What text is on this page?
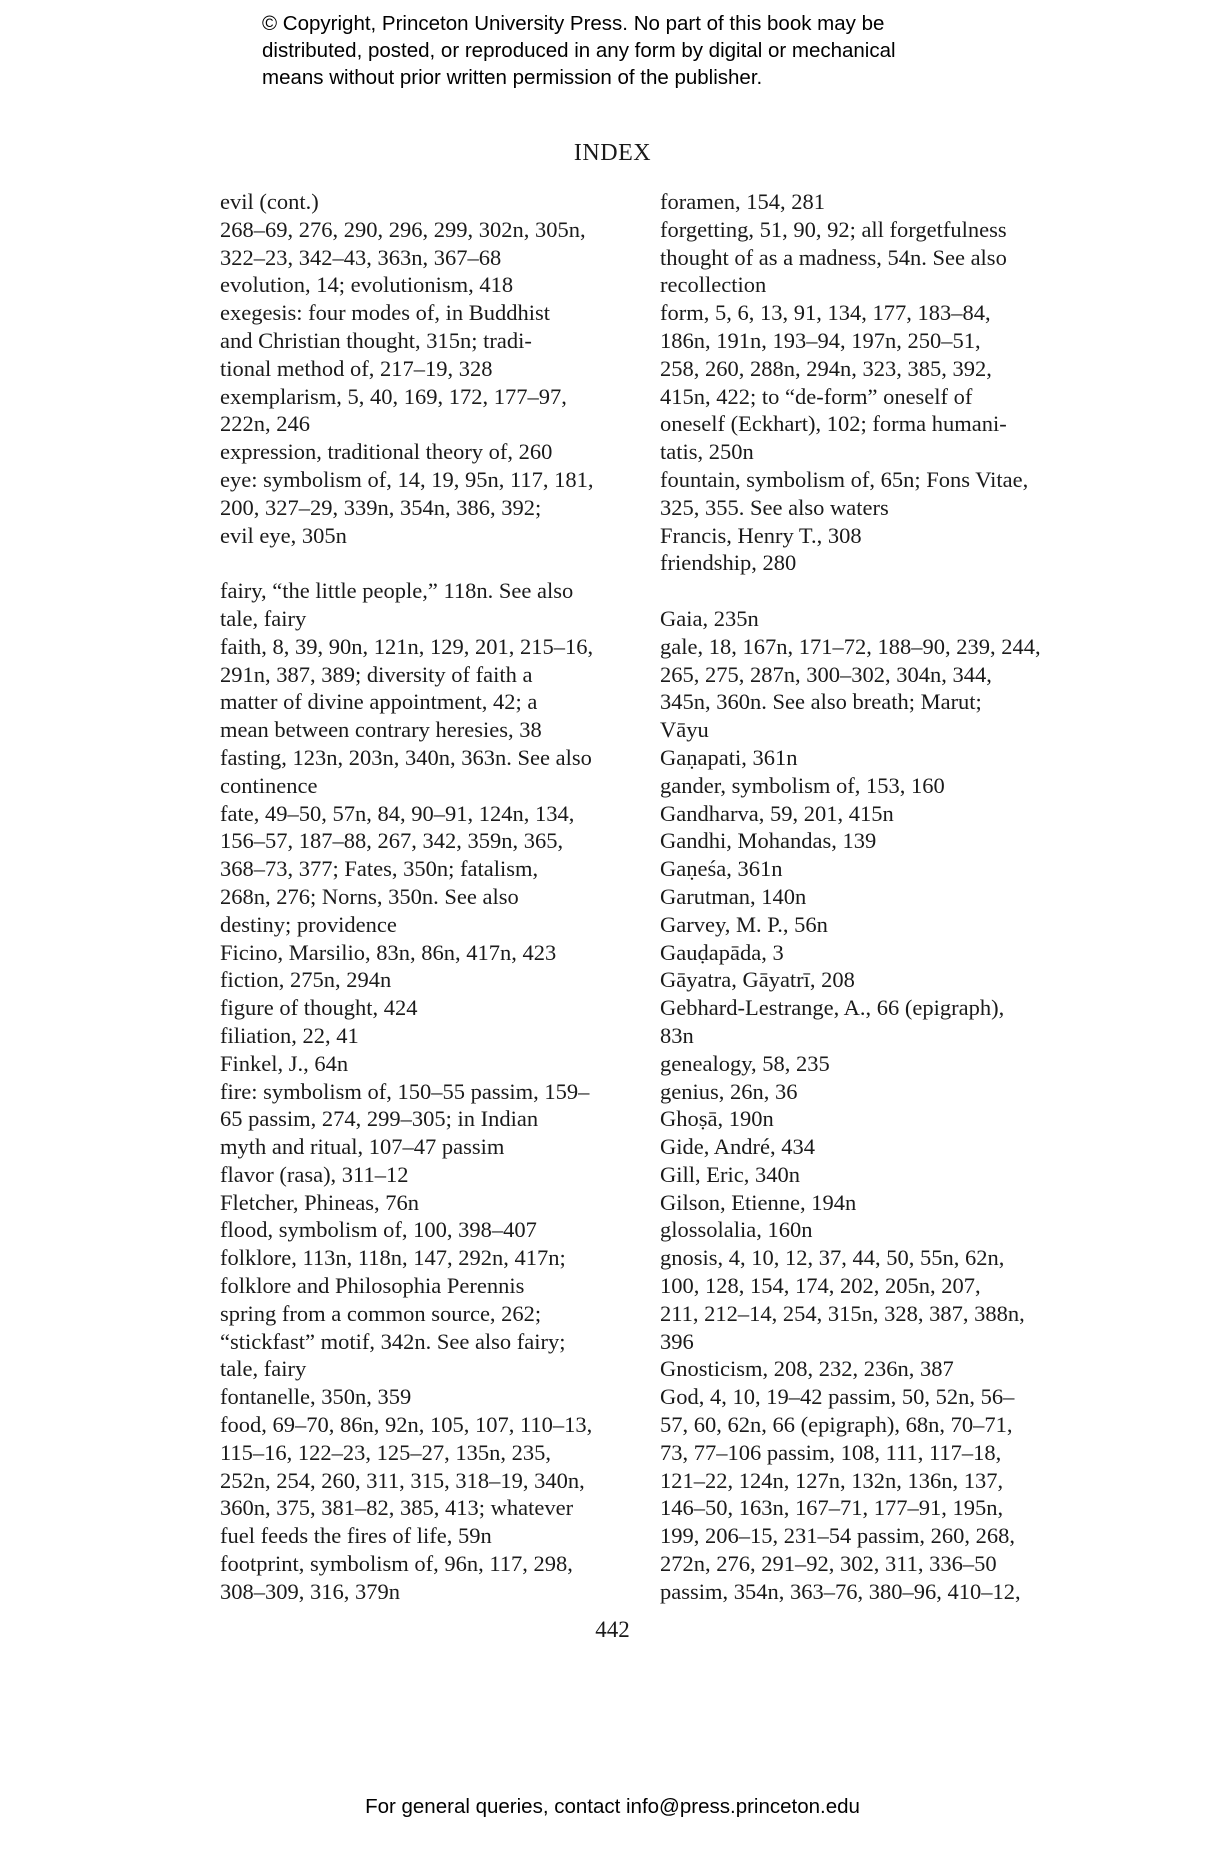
© Copyright, Princeton University Press. No part of this book may be
distributed, posted, or reproduced in any form by digital or mechanical
means without prior written permission of the publisher.
INDEX
evil (cont.)
268–69, 276, 290, 296, 299, 302n, 305n,
322–23, 342–43, 363n, 367–68
evolution, 14; evolutionism, 418
exegesis: four modes of, in Buddhist
and Christian thought, 315n; tradi-
tional method of, 217–19, 328
exemplarism, 5, 40, 169, 172, 177–97,
222n, 246
expression, traditional theory of, 260
eye: symbolism of, 14, 19, 95n, 117, 181,
200, 327–29, 339n, 354n, 386, 392;
evil eye, 305n
fairy, “the little people,” 118n. See also
tale, fairy
faith, 8, 39, 90n, 121n, 129, 201, 215–16,
291n, 387, 389; diversity of faith a
matter of divine appointment, 42; a
mean between contrary heresies, 38
fasting, 123n, 203n, 340n, 363n. See also
continence
fate, 49–50, 57n, 84, 90–91, 124n, 134,
156–57, 187–88, 267, 342, 359n, 365,
368–73, 377; Fates, 350n; fatalism,
268n, 276; Norns, 350n. See also
destiny; providence
Ficino, Marsilio, 83n, 86n, 417n, 423
fiction, 275n, 294n
figure of thought, 424
filiation, 22, 41
Finkel, J., 64n
fire: symbolism of, 150–55 passim, 159–
65 passim, 274, 299–305; in Indian
myth and ritual, 107–47 passim
flavor (rasa), 311–12
Fletcher, Phineas, 76n
flood, symbolism of, 100, 398–407
folklore, 113n, 118n, 147, 292n, 417n;
folklore and Philosophia Perennis
spring from a common source, 262;
“stickfast” motif, 342n. See also fairy;
tale, fairy
fontanelle, 350n, 359
food, 69–70, 86n, 92n, 105, 107, 110–13,
115–16, 122–23, 125–27, 135n, 235,
252n, 254, 260, 311, 315, 318–19, 340n,
360n, 375, 381–82, 385, 413; whatever
fuel feeds the fires of life, 59n
footprint, symbolism of, 96n, 117, 298,
308–309, 316, 379n
foramen, 154, 281
forgetting, 51, 90, 92; all forgetfulness
thought of as a madness, 54n. See also
recollection
form, 5, 6, 13, 91, 134, 177, 183–84,
186n, 191n, 193–94, 197n, 250–51,
258, 260, 288n, 294n, 323, 385, 392,
415n, 422; to “de-form” oneself of
oneself (Eckhart), 102; forma humani-
tatis, 250n
fountain, symbolism of, 65n; Fons Vitae,
325, 355. See also waters
Francis, Henry T., 308
friendship, 280
Gaia, 235n
gale, 18, 167n, 171–72, 188–90, 239, 244,
265, 275, 287n, 300–302, 304n, 344,
345n, 360n. See also breath; Marut;
Vāyu
Gaṇapati, 361n
gander, symbolism of, 153, 160
Gandharva, 59, 201, 415n
Gandhi, Mohandas, 139
Gaṇeśa, 361n
Garutman, 140n
Garvey, M. P., 56n
Gauḍapāda, 3
Gāyatra, Gāyatrī, 208
Gebhard-Lestrange, A., 66 (epigraph),
83n
genealogy, 58, 235
genius, 26n, 36
Ghoṣā, 190n
Gide, André, 434
Gill, Eric, 340n
Gilson, Etienne, 194n
glossolalia, 160n
gnosis, 4, 10, 12, 37, 44, 50, 55n, 62n,
100, 128, 154, 174, 202, 205n, 207,
211, 212–14, 254, 315n, 328, 387, 388n,
396
Gnosticism, 208, 232, 236n, 387
God, 4, 10, 19–42 passim, 50, 52n, 56–
57, 60, 62n, 66 (epigraph), 68n, 70–71,
73, 77–106 passim, 108, 111, 117–18,
121–22, 124n, 127n, 132n, 136n, 137,
146–50, 163n, 167–71, 177–91, 195n,
199, 206–15, 231–54 passim, 260, 268,
272n, 276, 291–92, 302, 311, 336–50
passim, 354n, 363–76, 380–96, 410–12,
442
For general queries, contact info@press.princeton.edu
